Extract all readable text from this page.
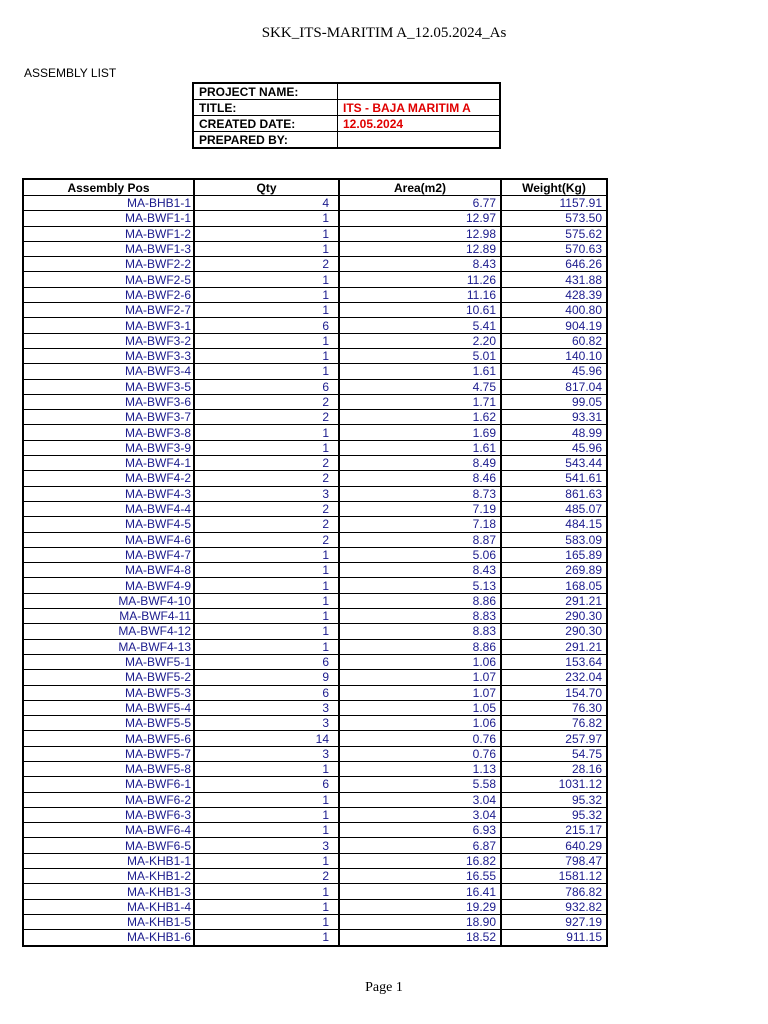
SKK_ITS-MARITIM A_12.05.2024_As
ASSEMBLY LIST
PROJECT NAME:	
TITLE:	ITS - BAJA MARITIM A
CREATED DATE:	12.05.2024
PREPARED BY:	
Assembly Pos	Qty	Area(m2)	Weight(Kg)
MA-BHB1-1	4	6.77	1157.91
MA-BWF1-1	1	12.97	573.50
MA-BWF1-2	1	12.98	575.62
MA-BWF1-3	1	12.89	570.63
MA-BWF2-2	2	8.43	646.26
MA-BWF2-5	1	11.26	431.88
MA-BWF2-6	1	11.16	428.39
MA-BWF2-7	1	10.61	400.80
MA-BWF3-1	6	5.41	904.19
MA-BWF3-2	1	2.20	60.82
MA-BWF3-3	1	5.01	140.10
MA-BWF3-4	1	1.61	45.96
MA-BWF3-5	6	4.75	817.04
MA-BWF3-6	2	1.71	99.05
MA-BWF3-7	2	1.62	93.31
MA-BWF3-8	1	1.69	48.99
MA-BWF3-9	1	1.61	45.96
MA-BWF4-1	2	8.49	543.44
MA-BWF4-2	2	8.46	541.61
MA-BWF4-3	3	8.73	861.63
MA-BWF4-4	2	7.19	485.07
MA-BWF4-5	2	7.18	484.15
MA-BWF4-6	2	8.87	583.09
MA-BWF4-7	1	5.06	165.89
MA-BWF4-8	1	8.43	269.89
MA-BWF4-9	1	5.13	168.05
MA-BWF4-10	1	8.86	291.21
MA-BWF4-11	1	8.83	290.30
MA-BWF4-12	1	8.83	290.30
MA-BWF4-13	1	8.86	291.21
MA-BWF5-1	6	1.06	153.64
MA-BWF5-2	9	1.07	232.04
MA-BWF5-3	6	1.07	154.70
MA-BWF5-4	3	1.05	76.30
MA-BWF5-5	3	1.06	76.82
MA-BWF5-6	14	0.76	257.97
MA-BWF5-7	3	0.76	54.75
MA-BWF5-8	1	1.13	28.16
MA-BWF6-1	6	5.58	1031.12
MA-BWF6-2	1	3.04	95.32
MA-BWF6-3	1	3.04	95.32
MA-BWF6-4	1	6.93	215.17
MA-BWF6-5	3	6.87	640.29
MA-KHB1-1	1	16.82	798.47
MA-KHB1-2	2	16.55	1581.12
MA-KHB1-3	1	16.41	786.82
MA-KHB1-4	1	19.29	932.82
MA-KHB1-5	1	18.90	927.19
MA-KHB1-6	1	18.52	911.15
Page 1
